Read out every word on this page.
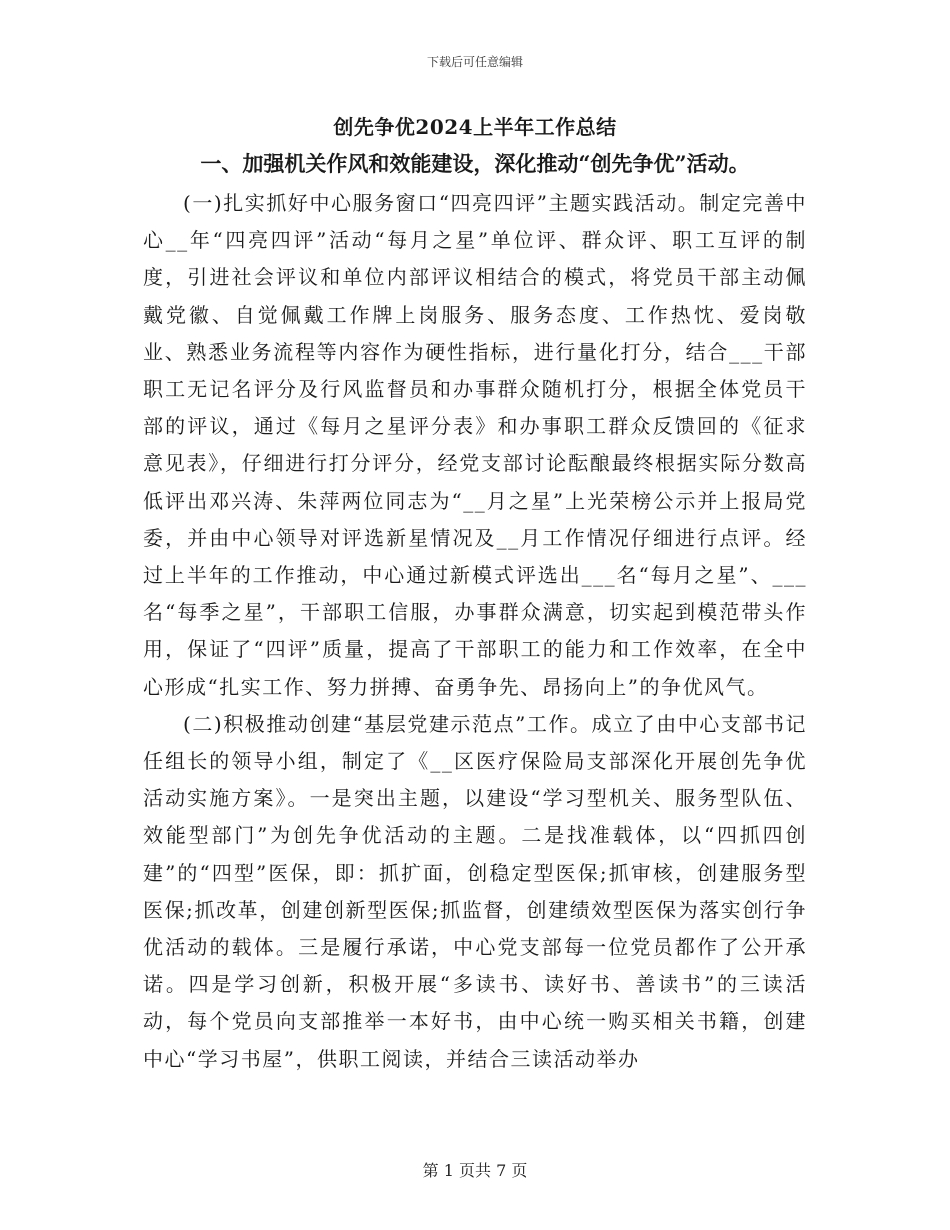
下载后可任意编辑
创先争优2024上半年工作总结
一、加强机关作风和效能建设，深化推动“创先争优”活动。

(一)扎实抓好中心服务窗口“四亮四评”主题实践活动。制定完善中心__年“四亮四评”活动“每月之星”单位评、群众评、职工互评的制度，引进社会评议和单位内部评议相结合的模式，将党员干部主动佩戴党徽、自觉佩戴工作牌上岗服务、服务态度、工作热忱、爱岗敬业、熟悉业务流程等内容作为硬性指标，进行量化打分，结合___干部职工无记名评分及行风监督员和办事群众随机打分，根据全体党员干部的评议，通过《每月之星评分表》和办事职工群众反馈回的《征求意见表》，仔细进行打分评分，经党支部讨论酝酿最终根据实际分数高低评出邓兴涛、朱萍两位同志为“__月之星”上光荣榜公示并上报局党委，并由中心领导对评选新星情况及__月工作情况仔细进行点评。经过上半年的工作推动，中心通过新模式评选出___名“每月之星”、___名“每季之星”，干部职工信服，办事群众满意，切实起到模范带头作用，保证了“四评”质量，提高了干部职工的能力和工作效率，在全中心形成“扎实工作、努力拼搏、奋勇争先、昂扬向上”的争优风气。

(二)积极推动创建“基层党建示范点”工作。成立了由中心支部书记任组长的领导小组，制定了《__区医疗保险局支部深化开展创先争优活动实施方案》。一是突出主题，以建设“学习型机关、服务型队伍、效能型部门”为创先争优活动的主题。二是找准载体，以“四抓四创建”的“四型”医保，即：抓扩面，创稳定型医保;抓审核，创建服务型医保;抓改革，创建创新型医保;抓监督，创建绩效型医保为落实创行争优活动的载体。三是履行承诺，中心党支部每一位党员都作了公开承诺。四是学习创新，积极开展“多读书、读好书、善读书”的三读活动，每个党员向支部推举一本好书，由中心统一购买相关书籍，创建中心“学习书屋”，供职工阅读，并结合三读活动举办

第 1 页共 7 页
